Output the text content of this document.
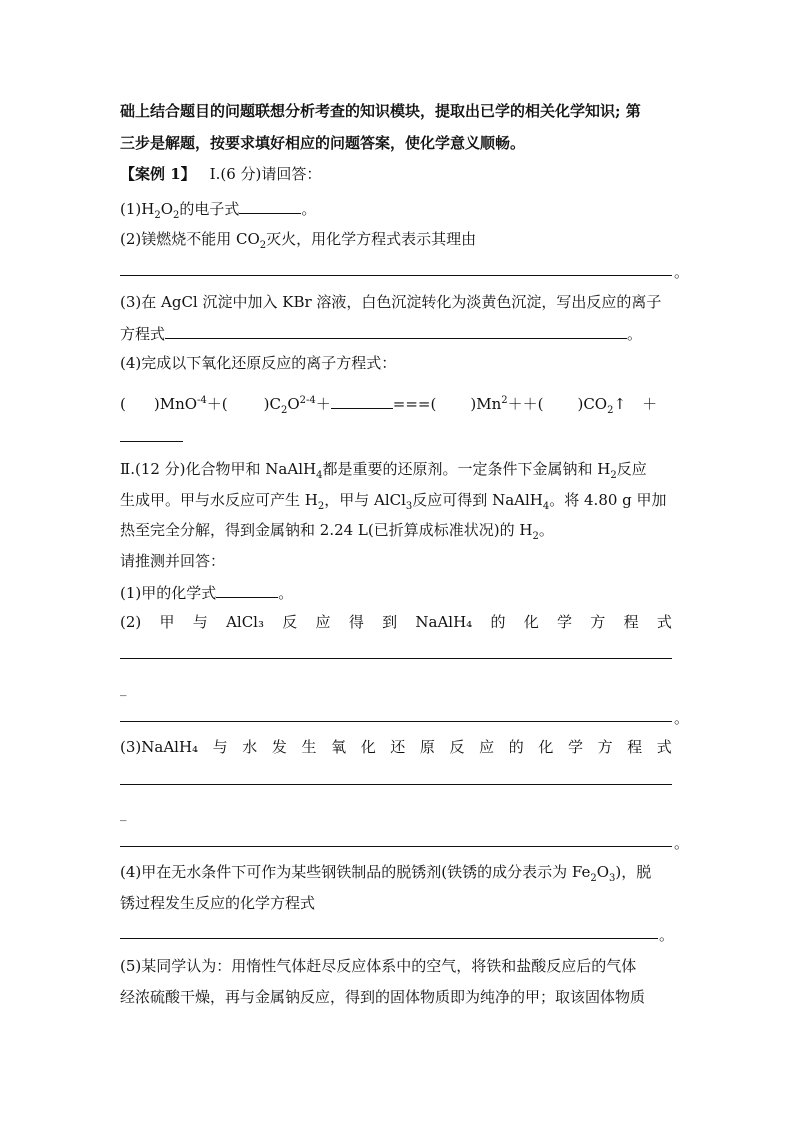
础上结合题目的问题联想分析考查的知识模块，提取出已学的相关化学知识; 第
三步是解题，按要求填好相应的问题答案，使化学意义顺畅。
【案例 1】 Ⅰ.(6 分)请回答：
$(1)H_2O_2$的电子式	。
(2)镁燃烧不能用 $CO_2$灭火，用化学方程式表示其理由
。
(3)在 AgCl 沉淀中加入 KBr 溶液，白色沉淀转化为淡黄色沉淀，写出反应的离子
方程式	。
(4)完成以下氧化还原反应的离子方程式：
( )MnO$^{-4}$＋( )$C_2O^{2-4}+$	===( )$Mn^2++$( )$CO_2↑$ ＋
Ⅱ.(12 分)化合物甲和 NaAlH$_4$都是重要的还原剂。一定条件下金属钠和 $H_2$反应
生成甲。甲与水反应可产生 $H_2$，甲与 AlCl$_3$反应可得到 NaAlH$_4$。将 4.80 g 甲加
热至完全分解，得到金属钠和 2.24 L(已折算成标准状况)的 $H_2$。
请推测并回答：
(1)甲的化学式	。
(2) 甲 与 AlCl₃ 反 应 得 到 NaAlH₄ 的 化 学 方 程 式
_
。
(3)NaAlH₄ 与 水 发 生 氧 化 还 原 反 应 的 化 学 方 程 式
_
。
(4)甲在无水条件下可作为某些钢铁制品的脱锈剂(铁锈的成分表示为 $Fe_2O_3$)，脱
锈过程发生反应的化学方程式
。
(5)某同学认为：用惰性气体赶尽反应体系中的空气，将铁和盐酸反应后的气体
经浓硫酸干燥，再与金属钠反应，得到的固体物质即为纯净的甲；取该固体物质
